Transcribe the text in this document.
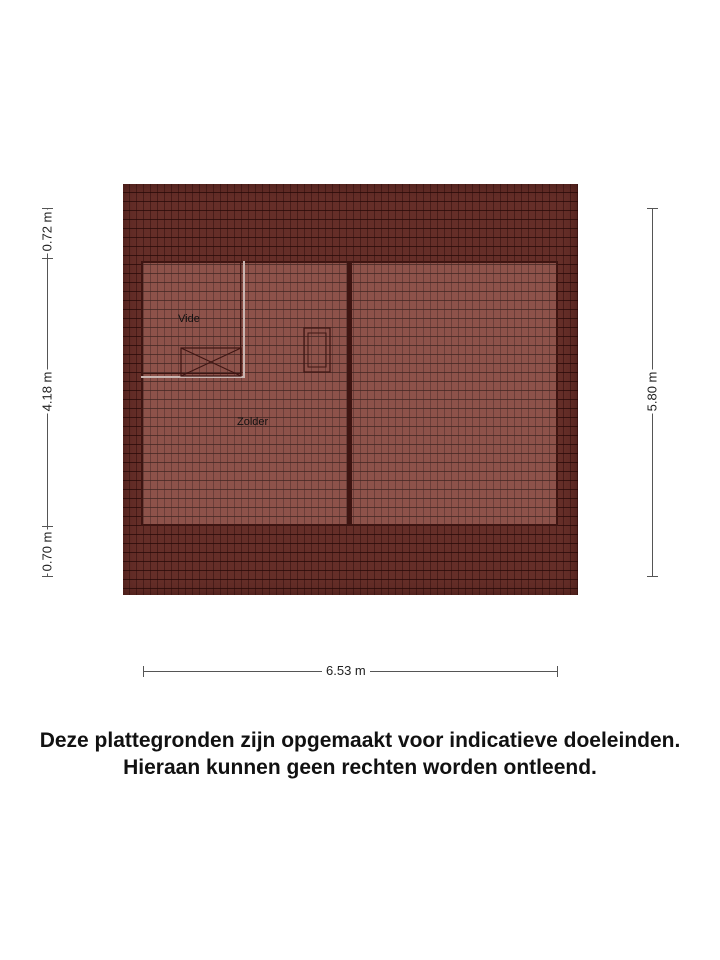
Vide
Zolder
0.72 m
4.18 m
0.70 m
5.80 m
6.53 m
Deze plattegronden zijn opgemaakt voor indicatieve doeleinden.
Hieraan kunnen geen rechten worden ontleend.
